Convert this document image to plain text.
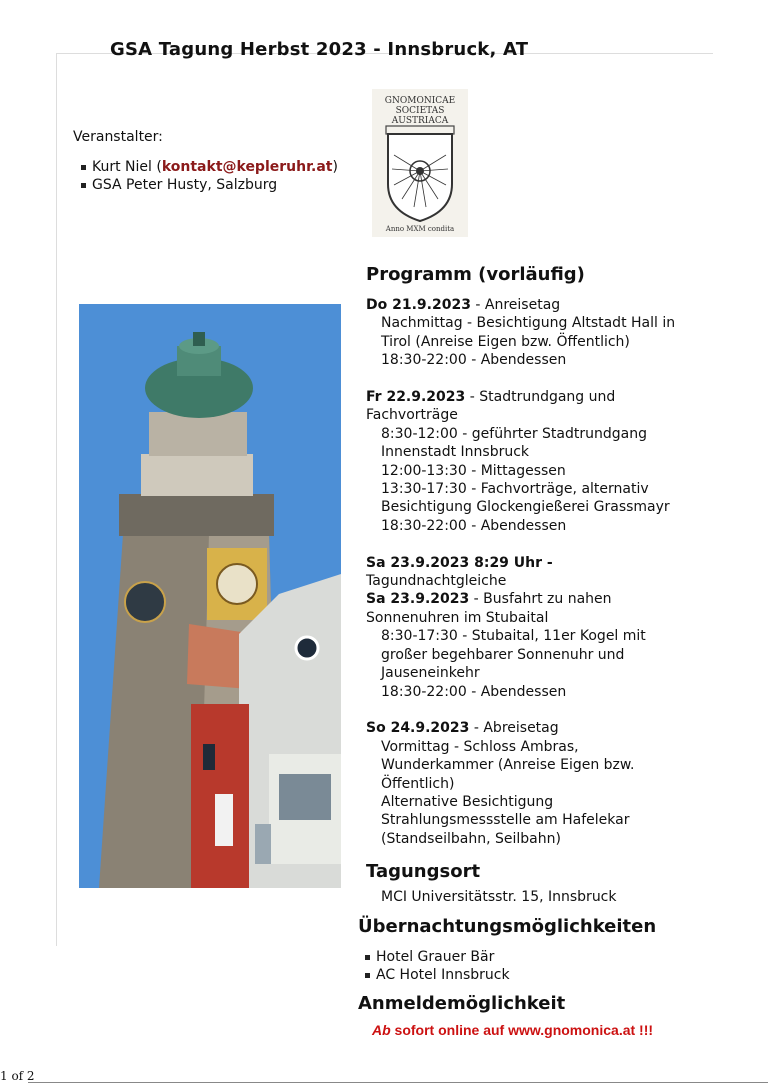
GSA Tagung Herbst 2023 - Innsbruck, AT
Veranstalter:
Kurt Niel (kontakt@kepleruhr.at)
GSA Peter Husty, Salzburg
GNOMONICAE
SOCIETAS
AUSTRIACA
Anno MXM condita
Programm (vorläufig)
Do 21.9.2023 - Anreisetag
Nachmittag - Besichtigung Altstadt Hall in
Tirol (Anreise Eigen bzw. Öffentlich)
18:30-22:00 - Abendessen
Fr 22.9.2023 - Stadtrundgang und
Fachvorträge
8:30-12:00 - geführter Stadtrundgang
Innenstadt Innsbruck
12:00-13:30 - Mittagessen
13:30-17:30 - Fachvorträge, alternativ
Besichtigung Glockengießerei Grassmayr
18:30-22:00 - Abendessen
Sa 23.9.2023 8:29 Uhr -
Tagundnachtgleiche
Sa 23.9.2023 - Busfahrt zu nahen
Sonnenuhren im Stubaital
8:30-17:30 - Stubaital, 11er Kogel mit
großer begehbarer Sonnenuhr und
Jauseneinkehr
18:30-22:00 - Abendessen
So 24.9.2023 - Abreisetag
Vormittag - Schloss Ambras,
Wunderkammer (Anreise Eigen bzw.
Öffentlich)
Alternative Besichtigung
Strahlungsmessstelle am Hafelekar
(Standseilbahn, Seilbahn)
Tagungsort
MCI Universitätsstr. 15, Innsbruck
Übernachtungsmöglichkeiten
Hotel Grauer Bär
AC Hotel Innsbruck
Anmeldemöglichkeit
Ab sofort online auf www.gnomonica.at !!!
1 of 2
